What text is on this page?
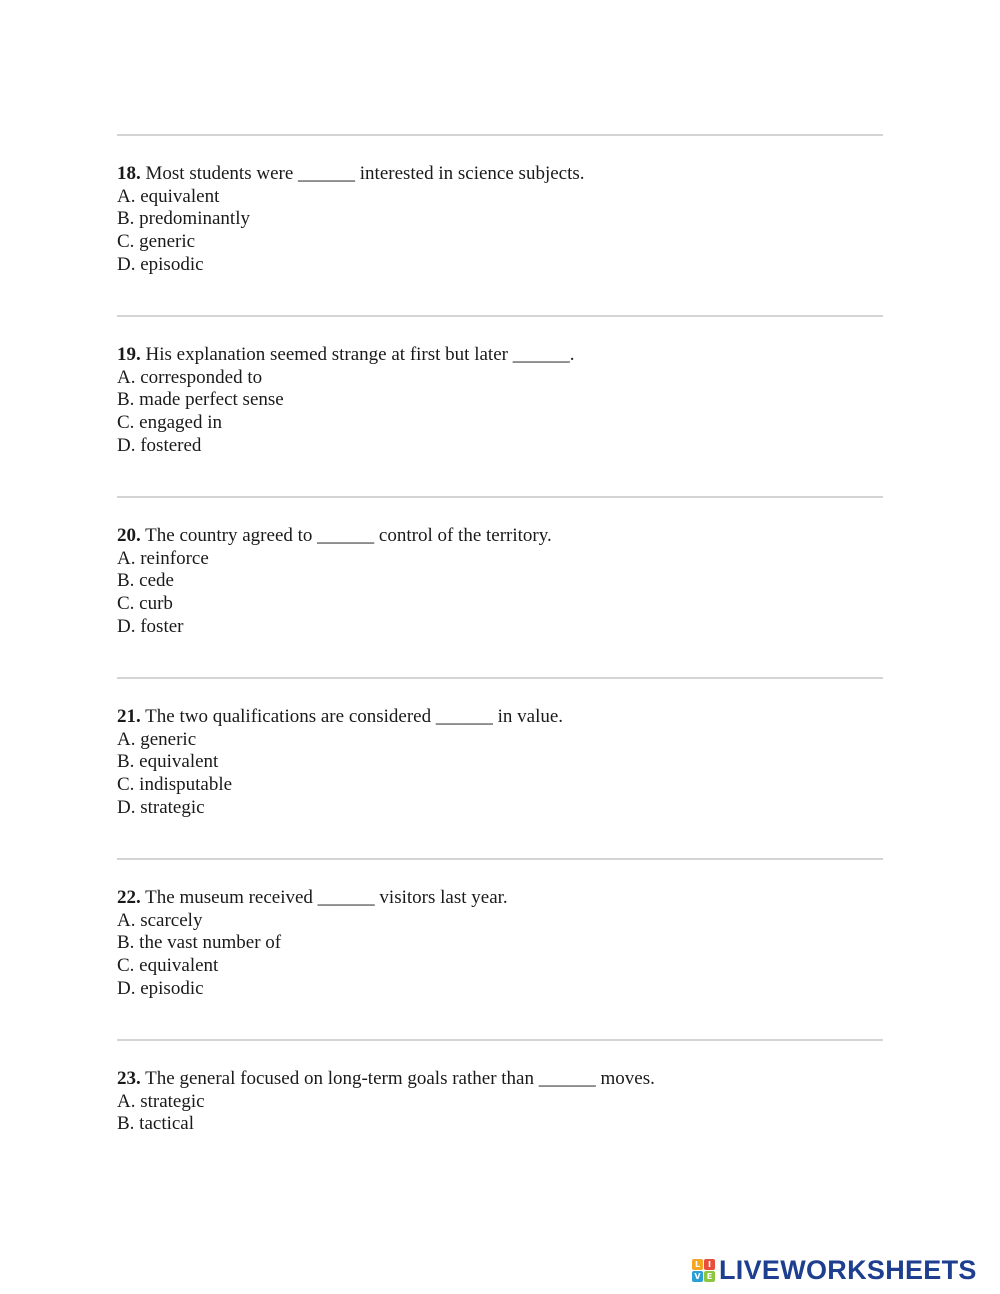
18. Most students were ______ interested in science subjects.
A. equivalent
B. predominantly
C. generic
D. episodic
19. His explanation seemed strange at first but later ______.
A. corresponded to
B. made perfect sense
C. engaged in
D. fostered
20. The country agreed to ______ control of the territory.
A. reinforce
B. cede
C. curb
D. foster
21. The two qualifications are considered ______ in value.
A. generic
B. equivalent
C. indisputable
D. strategic
22. The museum received ______ visitors last year.
A. scarcely
B. the vast number of
C. equivalent
D. episodic
23. The general focused on long-term goals rather than ______ moves.
A. strategic
B. tactical
L I
V E LIVEWORKSHEETS
